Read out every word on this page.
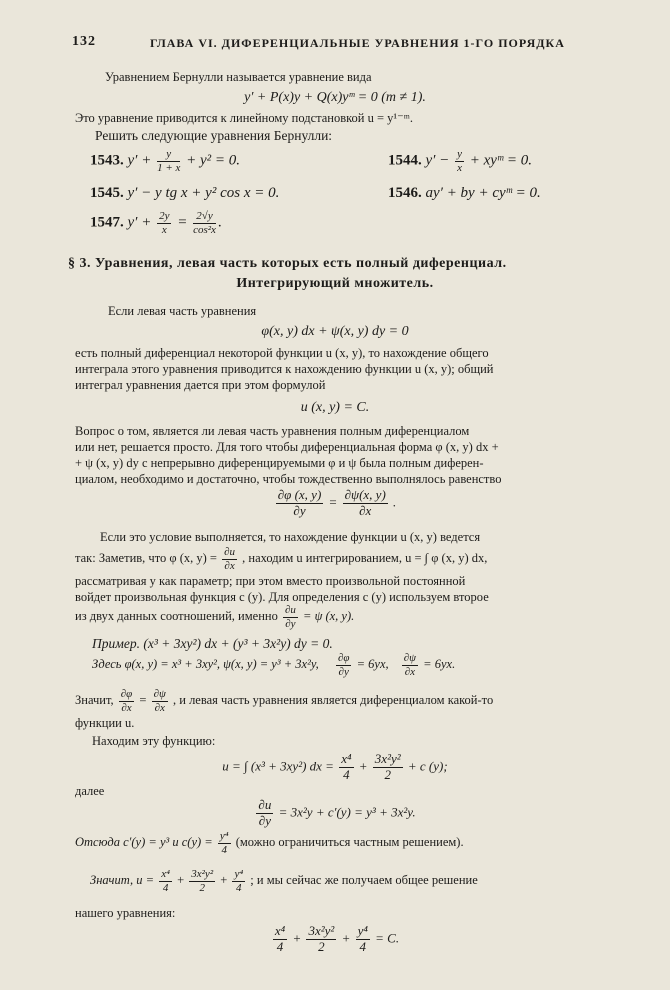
132	ГЛАВА VI. ДИФЕРЕНЦИАЛЬНЫЕ УРАВНЕНИЯ 1-ГО ПОРЯДКА
Уравнением Бернулли называется уравнение вида
y′ + P(x)y + Q(x)yᵐ = 0 (m ≠ 1).
Это уравнение приводится к линейному подстановкой u = y¹⁻ᵐ.
Решить следующие уравнения Бернулли:
1543. $y' + \frac{y}{1 + x} + y^2 = 0$.	1544. $y' - \frac{y}{x}$ + xyᵐ = 0.
1545. y′ − y tg x + y² cos x = 0.	1546. ay′ + by + cyᵐ = 0.
1547. $y' + \frac{2y}{x} = \frac{2√y}{\text{cos²x}}$ .
§ 3. Уравнения, левая часть которых есть полный диференциал.
Интегрирующий множитель.
Если левая часть уравнения
φ(x, y) dx + ψ(x, y) dy = 0
есть полный диференциал некоторой функции u (x, y), то нахождение общего
интеграла этого уравнения приводится к нахождению функции u (x, y); общий
интеграл уравнения дается при этом формулой
u (x, y) = C.
Вопрос о том, является ли левая часть уравнения полным диференциалом
или нет, решается просто. Для того чтобы диференциальная форма φ (x, y) dx +
+ ψ (x, y) dy с непрерывно диференцируемыми φ и ψ была полным диферен-
циалом, необходимо и достаточно, чтобы тождественно выполнялось равенство
$\frac{\partial\varphi (x, y)}{\partial y} = \frac{\partial\psi(x, y)}{\partial x}$ .
Если это условие выполняется, то нахождение функции u (x, y) ведется
так: Заметив, что φ (x, $y) = \frac{\partial u}{\partial x}$ , находим u интегрированием, u = ∫ φ (x, y) dx,
рассматривая y как параметр; при этом вместо произвольной постоянной
войдет произвольная функция c (y). Для определения c (y) используем второе
из двух данных соотношений, именно $\frac{\partial u}{\partial y} = \psi$ (x, y).
Пример. (x³ + 3xy²) dx + (y³ + 3x²y) dy = 0.
Здесь φ(x, y) = x³ + 3xy², ψ(x, y) = y³ + 3x²y, $\frac{\partial\varphi}{\partial y} = 6yx$, $\frac{\partial\psi}{\partial x} = 6yx$.
Значит, $\frac{\partial\varphi}{\partial x} = \frac{\partial\psi}{\partial x}$ , и левая часть уравнения является диференциалом какой-то
функции u.
Находим эту функцию:
u = ∫ (x³ + 3xy²) dx = $\frac{\text{x⁴}}{4} + \frac{\text{3x²y²}}{2} + c$ (y);
далее
$\frac{\partial u}{\partial y} = 3x^2y + c'(y) = y^3 + 3x^2y$.
Отсюда c′(y) = y³ и $c(y) = \frac{\text{y⁴}}{4}$ (можно ограничиться частным решением).
Значит, $u = \frac{\text{x⁴}}{4} + \frac{\text{3x²y²}}{2} + \frac{\text{y⁴}}{4}$ ; и мы сейчас же получаем общее решение
нашего уравнения:
$\frac{\text{x⁴}}{4} + \frac{\text{3x²y²}}{2} + \frac{\text{y⁴}}{4} = C$.
